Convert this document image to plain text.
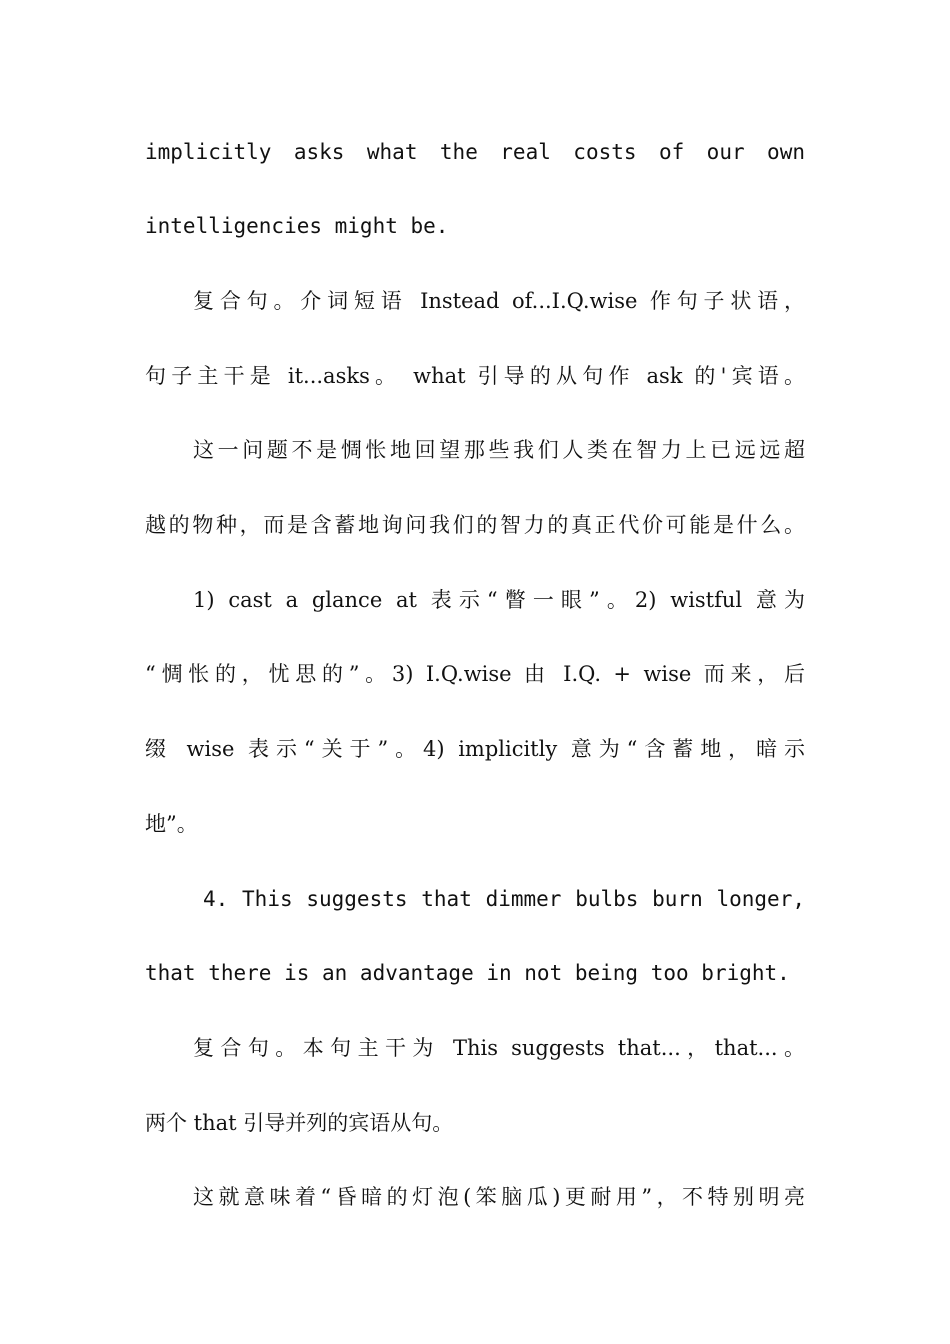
implicitly asks what the real costs of our own
intelligencies might be.
复合句。介词短语 Instead of...I.Q.wise 作句子状语，
句子主干是 it...asks。 what 引导的从句作 ask 的'宾语。
这一问题不是惆怅地回望那些我们人类在智力上已远远超
越的物种，而是含蓄地询问我们的智力的真正代价可能是什么。
1) cast a glance at 表示“瞥一眼”。2) wistful 意为
“惆怅的，忧思的”。3) I.Q.wise 由 I.Q. + wise 而来，后
缀 wise 表示“关于”。4) implicitly 意为“含蓄地，暗示
地”。
4. This suggests that dimmer bulbs burn longer,
that there is an advantage in not being too bright.
复合句。本句主干为 This suggests that...，that...。
两个 that 引导并列的宾语从句。
这就意味着“昏暗的灯泡(笨脑瓜)更耐用”，不特别明亮
